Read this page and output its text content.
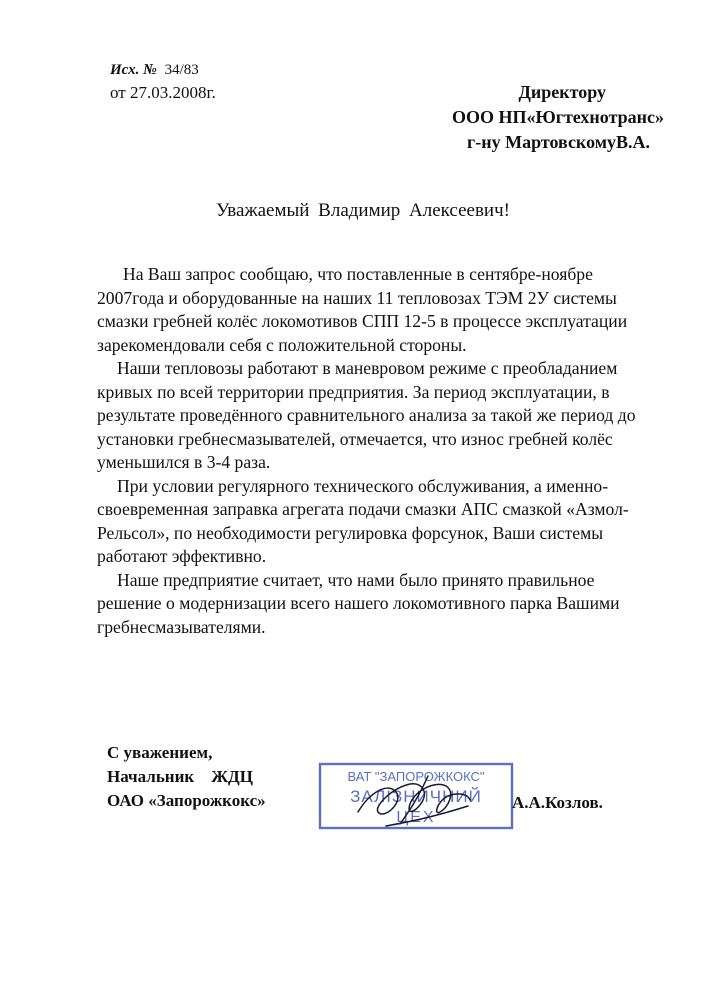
Исх. № 34/83
от 27.03.2008г.	Директору
ООО НП«Югтехнотранс»
г-ну МартовскомуВ.А.
Уважаемый Владимир Алексеевич!

На Ваш запрос сообщаю, что поставленные в сентябре-ноябре 2007года и оборудованные на наших 11 тепловозах ТЭМ 2У системы смазки гребней колёс локомотивов СПП 12-5 в процессе эксплуатации зарекомендовали себя с положительной стороны.

Наши тепловозы работают в маневровом режиме с преобладанием кривых по всей территории предприятия. За период эксплуатации, в результате проведённого сравнительного анализа за такой же период до установки гребнесмазывателей, отмечается, что износ гребней колёс уменьшился в 3-4 раза.

При условии регулярного технического обслуживания, а именно- своевременная заправка агрегата подачи смазки АПС смазкой «Азмол-Рельсол», по необходимости регулировка форсунок, Ваши системы работают эффективно.

Наше предприятие считает, что нами было принято правильное решение о модернизации всего нашего локомотивного парка Вашими гребнесмазывателями.

С уважением,
Начальник    ЖДЦ
ОАО «Запорожкокс»
ВАТ "ЗАПОРОЖКОКС"
ЗАЛІЗНИЧНИЙ
ЦЕХ
А.А.Козлов.
